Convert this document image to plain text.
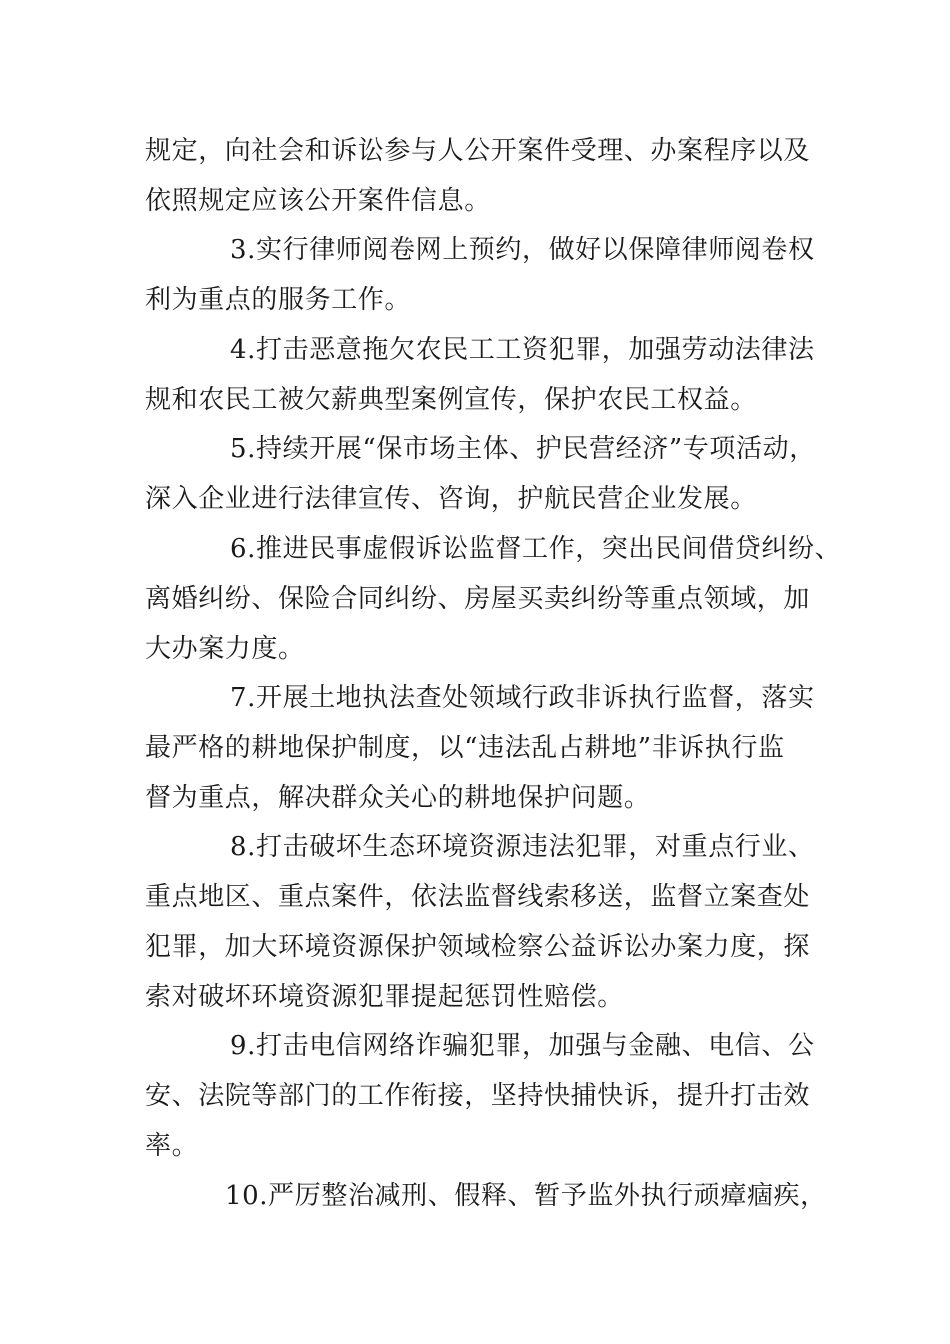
规定，向社会和诉讼参与人公开案件受理、办案程序以及
依照规定应该公开案件信息。
3.实行律师阅卷网上预约，做好以保障律师阅卷权
利为重点的服务工作。
4.打击恶意拖欠农民工工资犯罪，加强劳动法律法
规和农民工被欠薪典型案例宣传，保护农民工权益。
5.持续开展“保市场主体、护民营经济”专项活动，
深入企业进行法律宣传、咨询，护航民营企业发展。
6.推进民事虚假诉讼监督工作，突出民间借贷纠纷、
离婚纠纷、保险合同纠纷、房屋买卖纠纷等重点领域，加
大办案力度。
7.开展土地执法查处领域行政非诉执行监督，落实
最严格的耕地保护制度，以“违法乱占耕地”非诉执行监
督为重点，解决群众关心的耕地保护问题。
8.打击破坏生态环境资源违法犯罪，对重点行业、
重点地区、重点案件，依法监督线索移送，监督立案查处
犯罪，加大环境资源保护领域检察公益诉讼办案力度，探
索对破坏环境资源犯罪提起惩罚性赔偿。
9.打击电信网络诈骗犯罪，加强与金融、电信、公
安、法院等部门的工作衔接，坚持快捕快诉，提升打击效
率。
10.严厉整治减刑、假释、暂予监外执行顽瘴痼疾，
